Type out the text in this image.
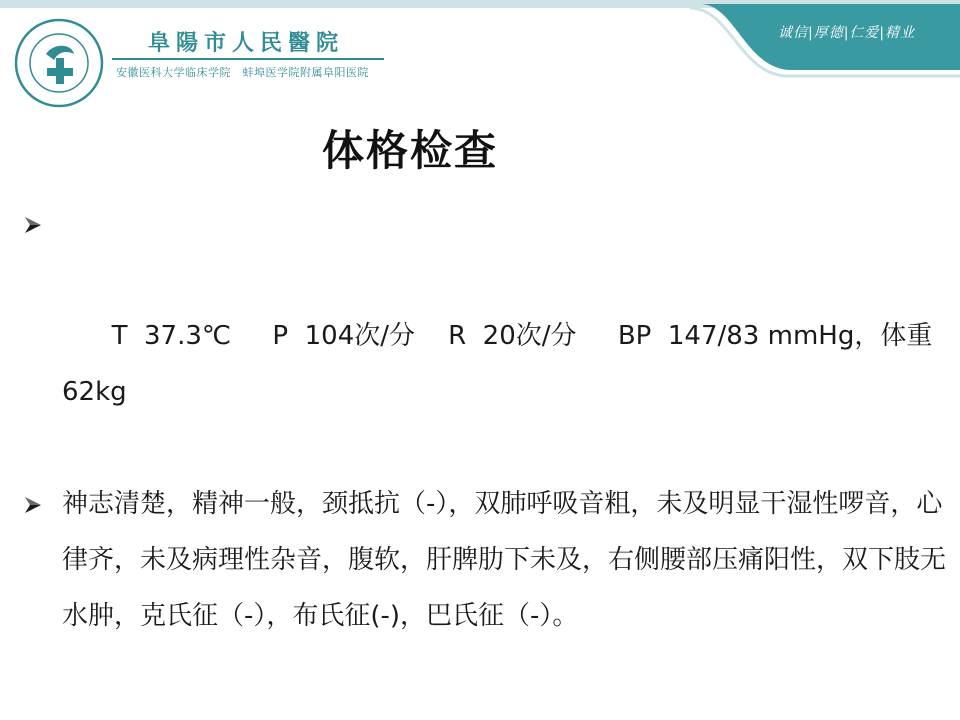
阜陽市人民醫院
安徽医科大学临床学院　蚌埠医学院附属阜阳医院
诚信|厚德|仁爱|精业
体格检查

T  37.3℃     P  104次/分    R  20次/分     BP  147/83 mmHg，体重 62kg

神志清楚，精神一般，颈抵抗（-），双肺呼吸音粗，未及明显干湿性啰音，心律齐，未及病理性杂音，腹软，肝脾肋下未及，右侧腰部压痛阳性，双下肢无水肿，克氏征（-），布氏征(-)，巴氏征（-）。
